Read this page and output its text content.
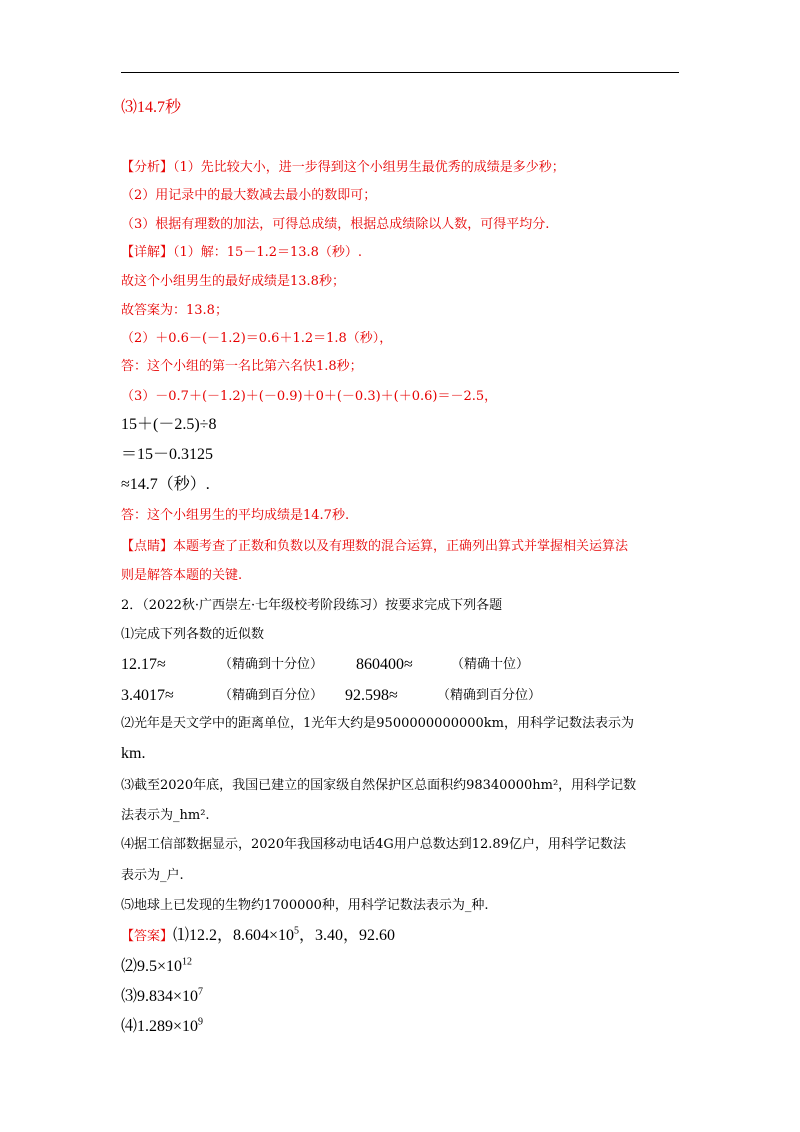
⑶14.7秒
【分析】（1）先比较大小，进一步得到这个小组男生最优秀的成绩是多少秒；
（2）用记录中的最大数减去最小的数即可；
（3）根据有理数的加法，可得总成绩，根据总成绩除以人数，可得平均分.
【详解】（1）解：15－1.2＝13.8（秒）.
故这个小组男生的最好成绩是13.8秒；
故答案为：13.8；
（2）＋0.6－(－1.2)＝0.6＋1.2＝1.8（秒），
答：这个小组的第一名比第六名快1.8秒；
（3）－0.7＋(－1.2)＋(－0.9)＋0＋(－0.3)＋(＋0.6)＝－2.5，
15＋(－2.5)÷8
＝15－0.3125
≈14.7（秒）.
答：这个小组男生的平均成绩是14.7秒.
【点睛】本题考查了正数和负数以及有理数的混合运算，正确列出算式并掌握相关运算法
则是解答本题的关键.
2．（2022秋·广西崇左·七年级校考阶段练习）按要求完成下列各题
⑴完成下列各数的近似数
12.17≈	（精确到十分位） 860400≈	（精确十位）
3.4017≈	（精确到百分位） 92.598≈	（精确到百分位）
⑵光年是天文学中的距离单位，1光年大约是9500000000000km，用科学记数法表示为
km.
⑶截至2020年底，我国已建立的国家级自然保护区总面积约98340000hm²，用科学记数
法表示为_hm².
⑷据工信部数据显示，2020年我国移动电话4G用户总数达到12.89亿户，用科学记数法
表示为_户.
⑸地球上已发现的生物约1700000种，用科学记数法表示为_种.
【答案】⑴12.2，$8.604\times 10^5$，3.40，92.60
$⑵9.5\times 10^{12}$
$⑶9.834\times 10^7$
$⑷1.289\times 10^9$
